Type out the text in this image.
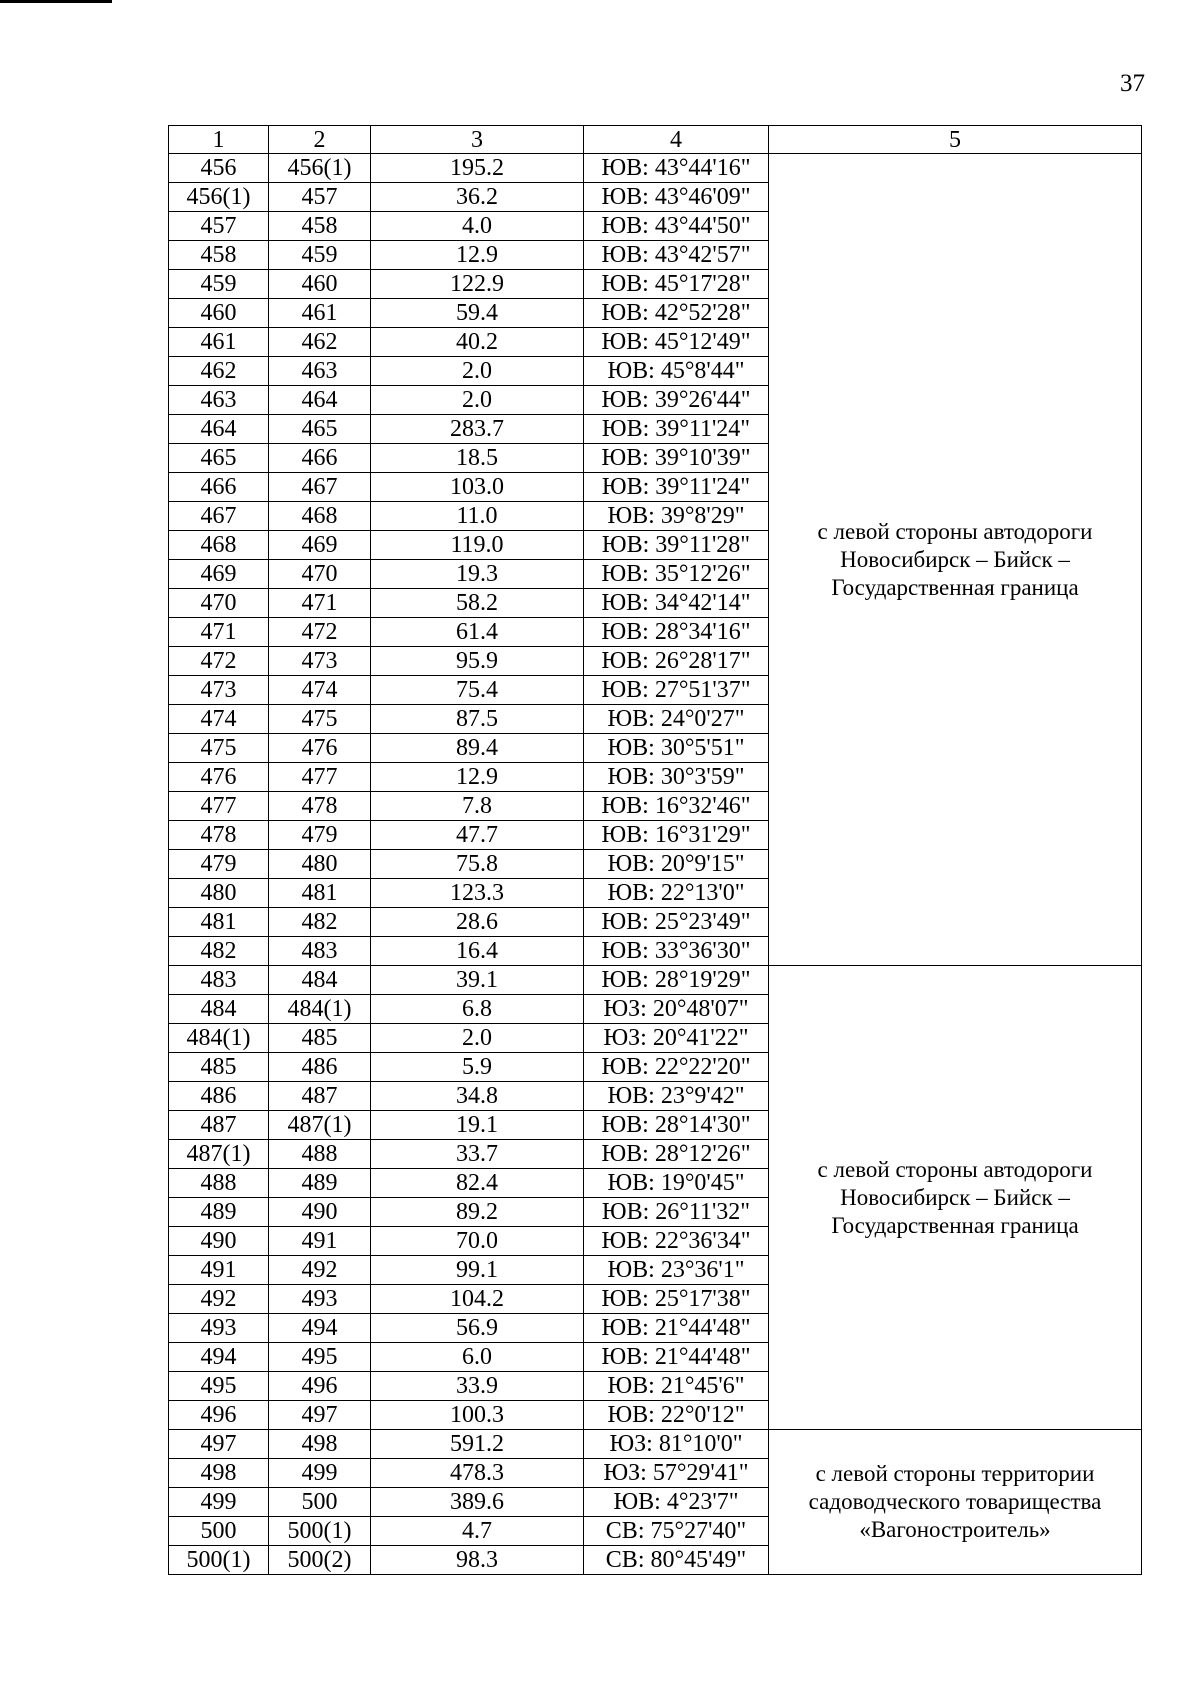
37
1	2	3	4	5
456	456(1)	195.2	ЮВ: 43°44'16"	с левой стороны автодороги Новосибирск – Бийск – Государственная граница
456(1)	457	36.2	ЮВ: 43°46'09"	
457	458	4.0	ЮВ: 43°44'50"	
458	459	12.9	ЮВ: 43°42'57"	
459	460	122.9	ЮВ: 45°17'28"	
460	461	59.4	ЮВ: 42°52'28"	
461	462	40.2	ЮВ: 45°12'49"	
462	463	2.0	ЮВ: 45°8'44"	
463	464	2.0	ЮВ: 39°26'44"	
464	465	283.7	ЮВ: 39°11'24"	
465	466	18.5	ЮВ: 39°10'39"	
466	467	103.0	ЮВ: 39°11'24"	
467	468	11.0	ЮВ: 39°8'29"	
468	469	119.0	ЮВ: 39°11'28"	
469	470	19.3	ЮВ: 35°12'26"	
470	471	58.2	ЮВ: 34°42'14"	
471	472	61.4	ЮВ: 28°34'16"	
472	473	95.9	ЮВ: 26°28'17"	
473	474	75.4	ЮВ: 27°51'37"	
474	475	87.5	ЮВ: 24°0'27"	
475	476	89.4	ЮВ: 30°5'51"	
476	477	12.9	ЮВ: 30°3'59"	
477	478	7.8	ЮВ: 16°32'46"	
478	479	47.7	ЮВ: 16°31'29"	
479	480	75.8	ЮВ: 20°9'15"	
480	481	123.3	ЮВ: 22°13'0"	
481	482	28.6	ЮВ: 25°23'49"	
482	483	16.4	ЮВ: 33°36'30"	
483	484	39.1	ЮВ: 28°19'29"	с левой стороны автодороги Новосибирск – Бийск – Государственная граница
484	484(1)	6.8	ЮЗ: 20°48'07"	
484(1)	485	2.0	ЮЗ: 20°41'22"	
485	486	5.9	ЮВ: 22°22'20"	
486	487	34.8	ЮВ: 23°9'42"	
487	487(1)	19.1	ЮВ: 28°14'30"	
487(1)	488	33.7	ЮВ: 28°12'26"	
488	489	82.4	ЮВ: 19°0'45"	
489	490	89.2	ЮВ: 26°11'32"	
490	491	70.0	ЮВ: 22°36'34"	
491	492	99.1	ЮВ: 23°36'1"	
492	493	104.2	ЮВ: 25°17'38"	
493	494	56.9	ЮВ: 21°44'48"	
494	495	6.0	ЮВ: 21°44'48"	
495	496	33.9	ЮВ: 21°45'6"	
496	497	100.3	ЮВ: 22°0'12"	
497	498	591.2	ЮЗ: 81°10'0"	с левой стороны территории садоводческого товарищества «Вагоностроитель»
498	499	478.3	ЮЗ: 57°29'41"	
499	500	389.6	ЮВ: 4°23'7"	
500	500(1)	4.7	СВ: 75°27'40"	
500(1)	500(2)	98.3	СВ: 80°45'49"	
